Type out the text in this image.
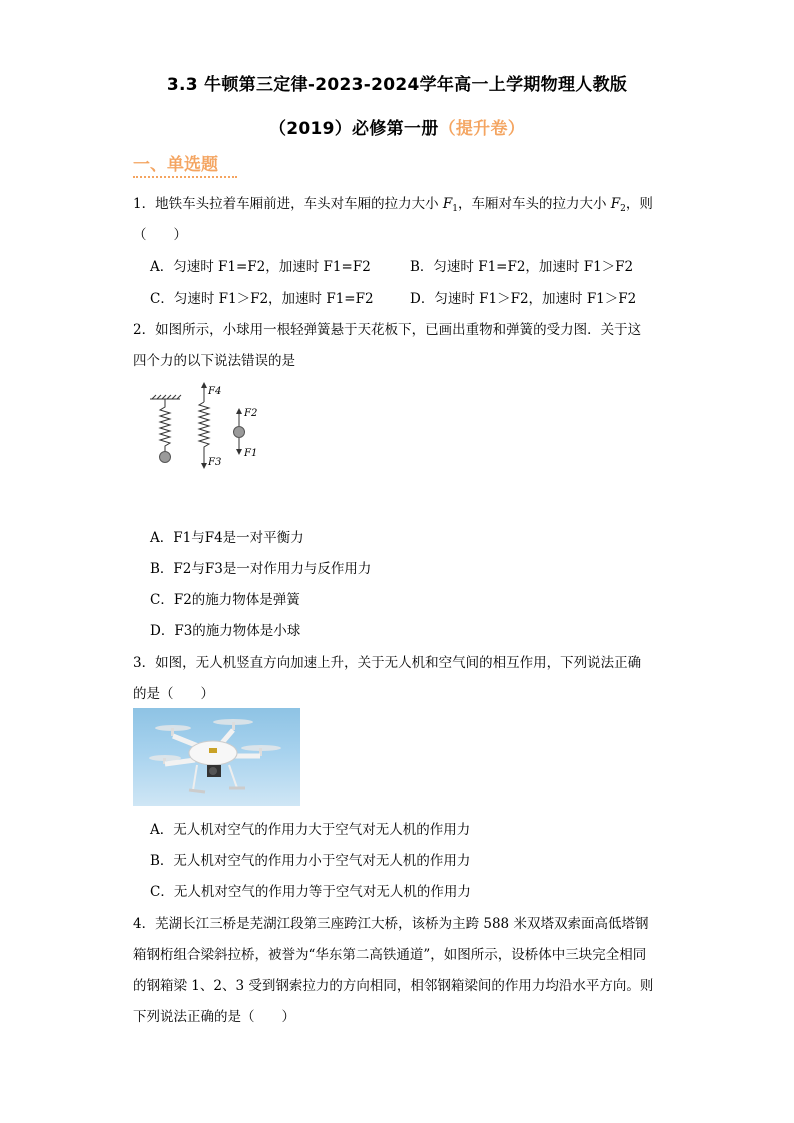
3.3 牛顿第三定律-2023-2024学年高一上学期物理人教版
（2019）必修第一册（提升卷）
一、单选题
1．地铁车头拉着车厢前进，车头对车厢的拉力大小 $F_1$，车厢对车头的拉力大小 $F_2$，则
（　　）
A．匀速时 F1=F2，加速时 F1=F2	B．匀速时 F1=F2，加速时 F1＞F2
C．匀速时 F1＞F2，加速时 F1=F2	D．匀速时 F1＞F2，加速时 F1＞F2
2．如图所示，小球用一根轻弹簧悬于天花板下，已画出重物和弹簧的受力图．关于这
四个力的以下说法错误的是
F4
F3
F2
F1
A．F1与F4是一对平衡力
B．F2与F3是一对作用力与反作用力
C．F2的施力物体是弹簧
D．F3的施力物体是小球
3．如图，无人机竖直方向加速上升，关于无人机和空气间的相互作用，下列说法正确
的是（　　）
A．无人机对空气的作用力大于空气对无人机的作用力
B．无人机对空气的作用力小于空气对无人机的作用力
C．无人机对空气的作用力等于空气对无人机的作用力
4．芜湖长江三桥是芜湖江段第三座跨江大桥，该桥为主跨 588 米双塔双索面高低塔钢
箱钢桁组合梁斜拉桥，被誉为“华东第二高铁通道”，如图所示，设桥体中三块完全相同
的钢箱梁 1、2、3 受到钢索拉力的方向相同，相邻钢箱梁间的作用力均沿水平方向。则
下列说法正确的是（　　）
